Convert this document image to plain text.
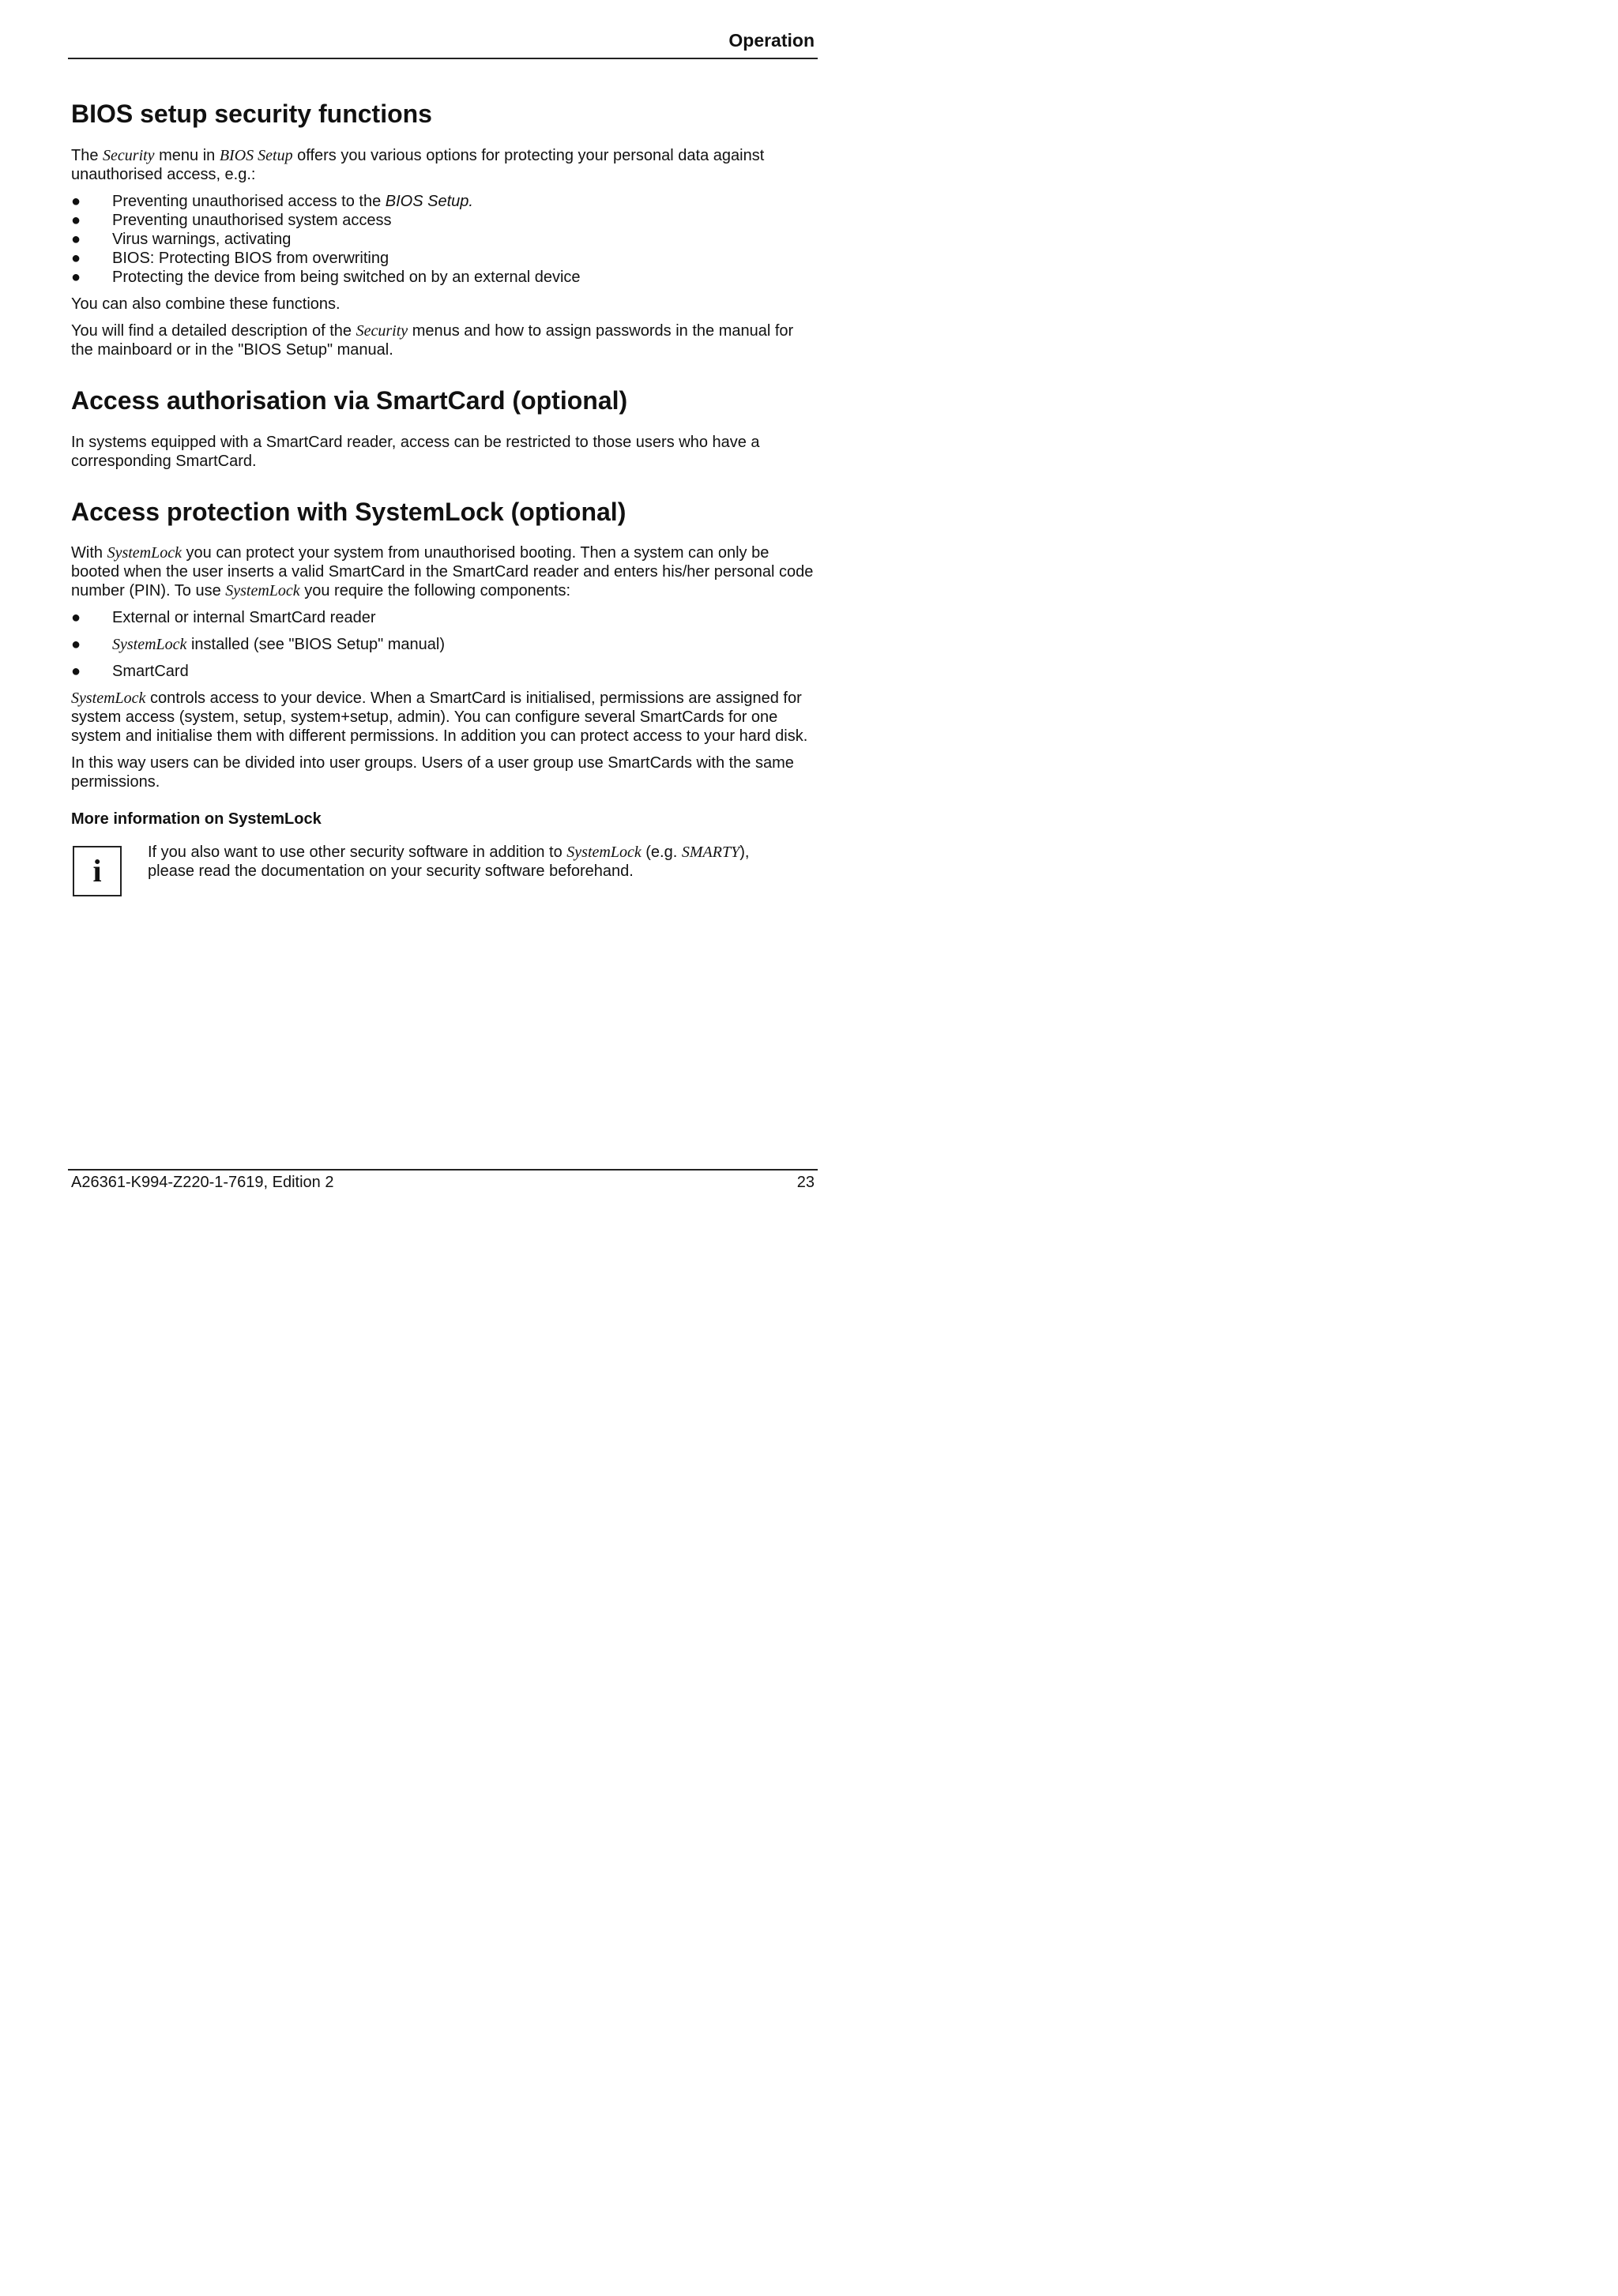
Operation
BIOS setup security functions

The Security menu in BIOS Setup offers you various options for protecting your personal data against unauthorised access, e.g.:

● Preventing unauthorised access to the BIOS Setup.
● Preventing unauthorised system access
● Virus warnings, activating
● BIOS: Protecting BIOS from overwriting
● Protecting the device from being switched on by an external device

You can also combine these functions.

You will find a detailed description of the Security menus and how to assign passwords in the manual for the mainboard or in the "BIOS Setup" manual.

Access authorisation via SmartCard (optional)

In systems equipped with a SmartCard reader, access can be restricted to those users who have a corresponding SmartCard.

Access protection with SystemLock (optional)

With SystemLock you can protect your system from unauthorised booting. Then a system can only be booted when the user inserts a valid SmartCard in the SmartCard reader and enters his/her personal code number (PIN). To use SystemLock you require the following components:

● External or internal SmartCard reader
● SystemLock installed (see "BIOS Setup" manual)
● SmartCard

SystemLock controls access to your device. When a SmartCard is initialised, permissions are assigned for system access (system, setup, system+setup, admin). You can configure several SmartCards for one system and initialise them with different permissions. In addition you can protect access to your hard disk.

In this way users can be divided into user groups. Users of a user group use SmartCards with the same permissions.

More information on SystemLock
i
If you also want to use other security software in addition to SystemLock (e.g. SMARTY), please read the documentation on your security software beforehand.
A26361-K994-Z220-1-7619, Edition 2	23
